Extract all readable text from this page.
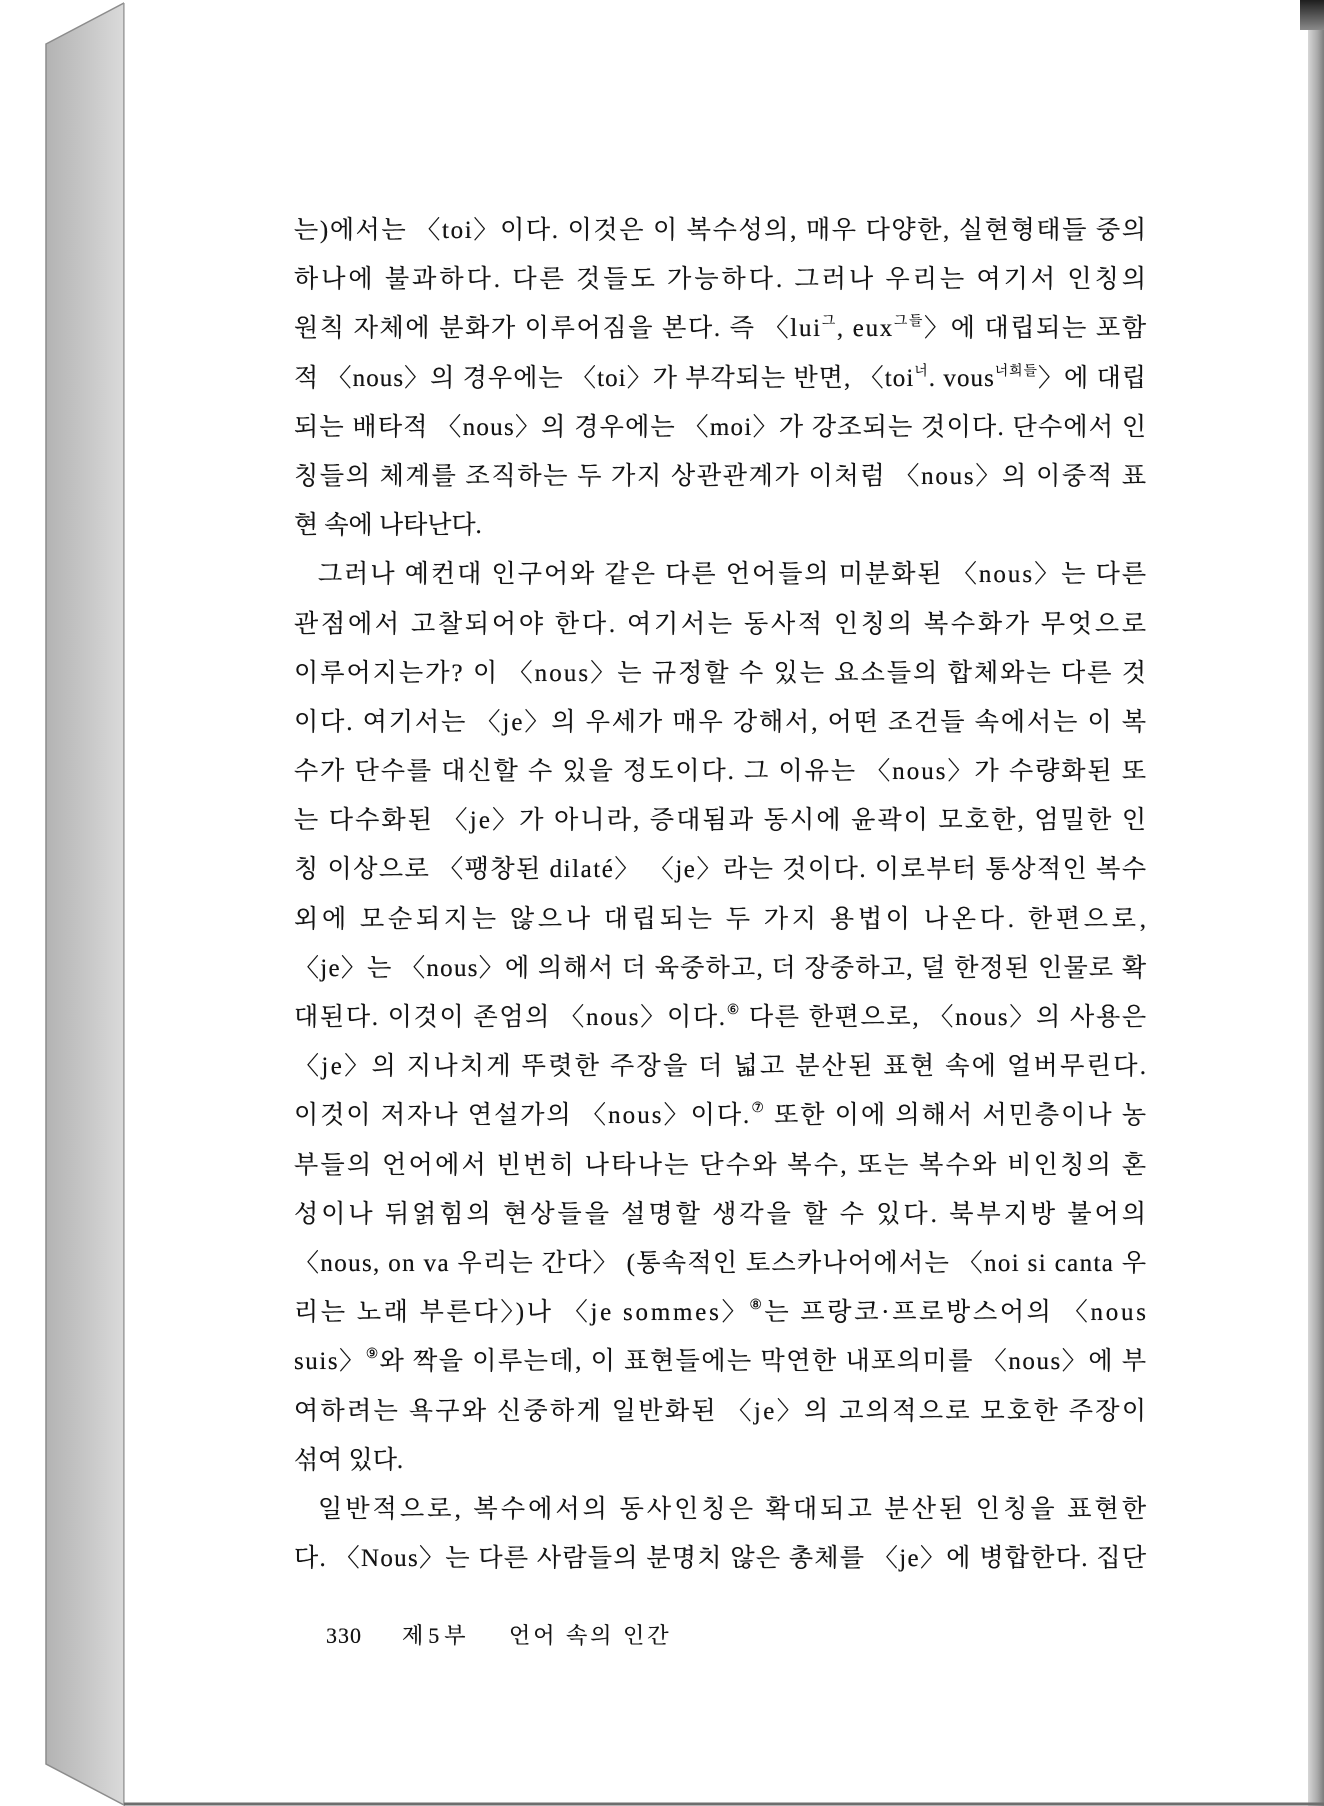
는)에서는 〈toi〉이다. 이것은 이 복수성의, 매우 다양한, 실현형태들 중의
하나에 불과하다. 다른 것들도 가능하다. 그러나 우리는 여기서 인칭의
원칙 자체에 분화가 이루어짐을 본다. 즉 〈lui$^그$, eux$^{그들}$〉에 대립되는 포함
적 〈nous〉의 경우에는 〈toi〉가 부각되는 반면, 〈toi$^너$. vous$^{너희들}$〉에 대립
되는 배타적 〈nous〉의 경우에는 〈moi〉가 강조되는 것이다. 단수에서 인
칭들의 체계를 조직하는 두 가지 상관관계가 이처럼 〈nous〉의 이중적 표
현 속에 나타난다.
그러나 예컨대 인구어와 같은 다른 언어들의 미분화된 〈nous〉는 다른
관점에서 고찰되어야 한다. 여기서는 동사적 인칭의 복수화가 무엇으로
이루어지는가? 이 〈nous〉는 규정할 수 있는 요소들의 합체와는 다른 것
이다. 여기서는 〈je〉의 우세가 매우 강해서, 어떤 조건들 속에서는 이 복
수가 단수를 대신할 수 있을 정도이다. 그 이유는 〈nous〉가 수량화된 또
는 다수화된 〈je〉가 아니라, 증대됨과 동시에 윤곽이 모호한, 엄밀한 인
칭 이상으로 〈팽창된 dilaté〉 〈je〉라는 것이다. 이로부터 통상적인 복수
외에 모순되지는 않으나 대립되는 두 가지 용법이 나온다. 한편으로,
〈je〉는 〈nous〉에 의해서 더 육중하고, 더 장중하고, 덜 한정된 인물로 확
대된다. 이것이 존엄의 〈nous〉이다.⑥ 다른 한편으로, 〈nous〉의 사용은
〈je〉의 지나치게 뚜렷한 주장을 더 넓고 분산된 표현 속에 얼버무린다.
이것이 저자나 연설가의 〈nous〉이다.⑦ 또한 이에 의해서 서민층이나 농
부들의 언어에서 빈번히 나타나는 단수와 복수, 또는 복수와 비인칭의 혼
성이나 뒤얽힘의 현상들을 설명할 생각을 할 수 있다. 북부지방 불어의
〈nous, on va 우리는 간다〉 (통속적인 토스카나어에서는 〈noi si canta 우
리는 노래 부른다〉)나 〈je sommes〉⑧는 프랑코·프로방스어의 〈nous
suis〉⑨와 짝을 이루는데, 이 표현들에는 막연한 내포의미를 〈nous〉에 부
여하려는 욕구와 신중하게 일반화된 〈je〉의 고의적으로 모호한 주장이
섞여 있다.
일반적으로, 복수에서의 동사인칭은 확대되고 분산된 인칭을 표현한
다. 〈Nous〉는 다른 사람들의 분명치 않은 총체를 〈je〉에 병합한다. 집단
330 제5부 언어 속의 인간
